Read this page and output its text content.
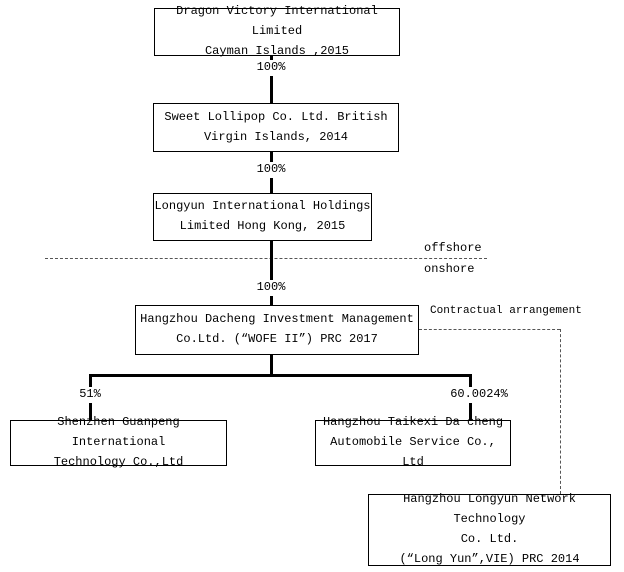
offshore
onshore
Contractual arrangement
100%
100%
100%
51%	60.0024%
Dragon Victory International Limited
Cayman Islands ,2015
Sweet Lollipop Co. Ltd. British
Virgin Islands, 2014
Longyun International Holdings
Limited Hong Kong, 2015
Hangzhou Dacheng Investment Management
Co.Ltd. (“WOFE II”) PRC 2017
Shenzhen Guanpeng International
Technology Co.,Ltd
Hangzhou Taikexi Da cheng
Automobile Service Co., Ltd
Hangzhou Longyun Network Technology
Co. Ltd.
(“Long Yun”,VIE) PRC 2014
